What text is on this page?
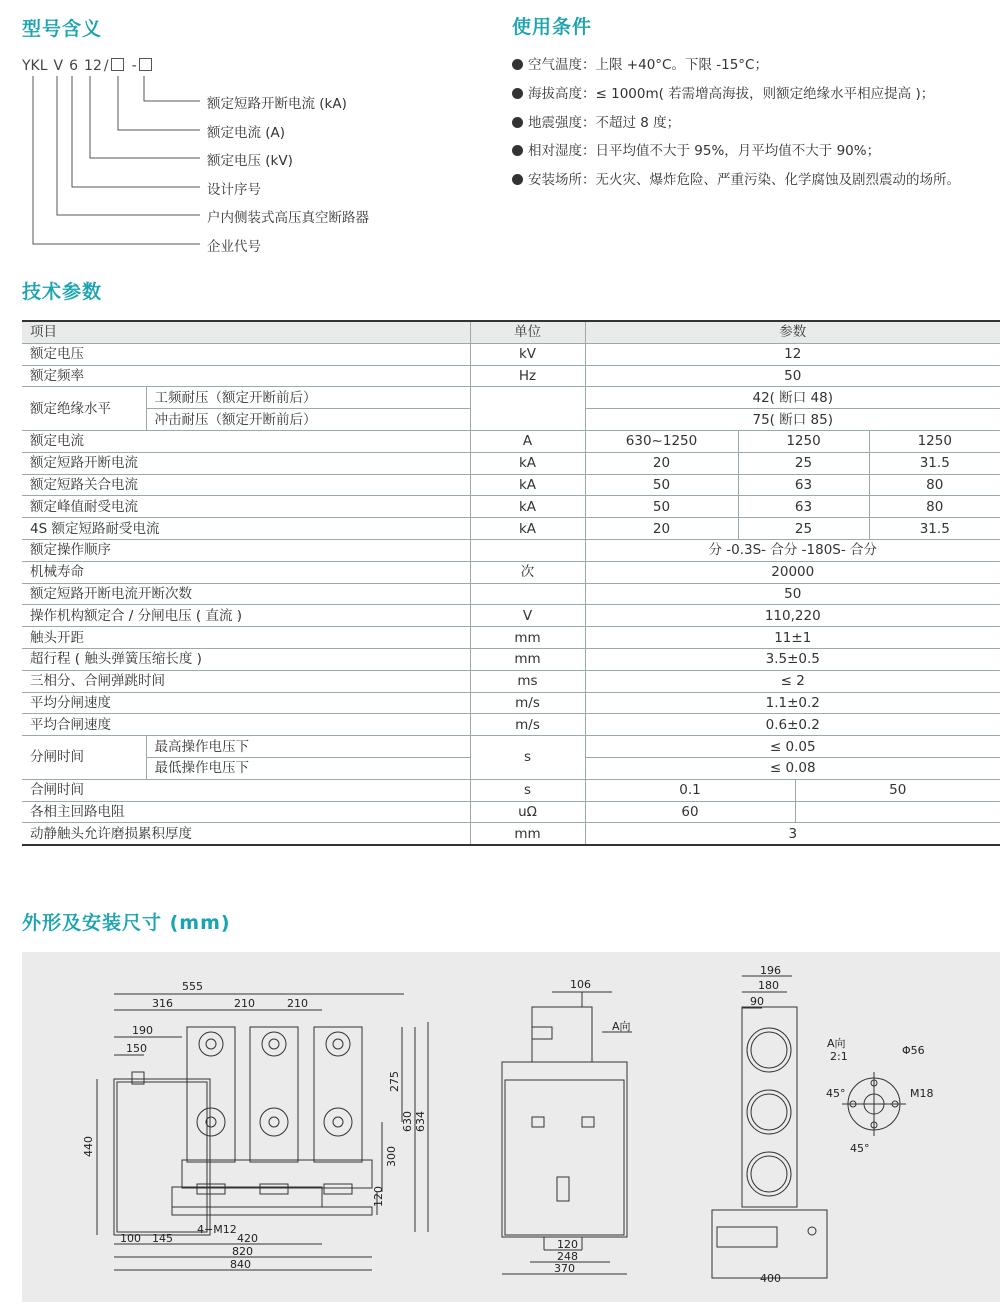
型号含义	使用条件
技术参数
外形及安装尺寸 (mm)
YKL V 6 12 / -
额定短路开断电流 (kA)
额定电流 (A)
额定电压 (kV)
设计序号
户内侧装式高压真空断路器
企业代号
空气温度：上限 +40°C。下限 -15°C；
海拔高度：≤ 1000m( 若需增高海拔，则额定绝缘水平相应提高 )；
地震强度：不超过 8 度；
相对湿度：日平均值不大于 95%，月平均值不大于 90%；
安装场所：无火灾、爆炸危险、严重污染、化学腐蚀及剧烈震动的场所。
项目		单位	参数			
额定电压		kV	12			
额定频率		Hz	50			
额定绝缘水平	工频耐压（额定开断前后）		42( 断口 48)			
	冲击耐压（额定开断前后）		75( 断口 85)			
额定电流		A	630~1250	1250		1250
额定短路开断电流		kA	20	25		31.5
额定短路关合电流		kA	50	63		80
额定峰值耐受电流		kA	50	63		80
4S 额定短路耐受电流		kA	20	25		31.5
额定操作顺序			分 -0.3S- 合分 -180S- 合分			
机械寿命		次	20000			
额定短路开断电流开断次数			50			
操作机构额定合 / 分闸电压 ( 直流 )		V	110,220			
触头开距		mm	11±1			
超行程 ( 触头弹簧压缩长度 )		mm	3.5±0.5			
三相分、合闸弹跳时间		ms	≤ 2			
平均分闸速度		m/s	1.1±0.2			
平均合闸速度		m/s	0.6±0.2			
分闸时间	最高操作电压下	s	≤ 0.05			
	最低操作电压下		≤ 0.08			
合闸时间		s	0.1		50	
各相主回路电阻		uΩ	60			
动静触头允许磨损累积厚度		mm	3			
555
316	210	210
190
150
440
275
630 634
300
120
4−M12
100 145	420
820
840
106
A向
120
248
370
196
180
90
400
A向
2:1	Φ56
M18
45°
45°
